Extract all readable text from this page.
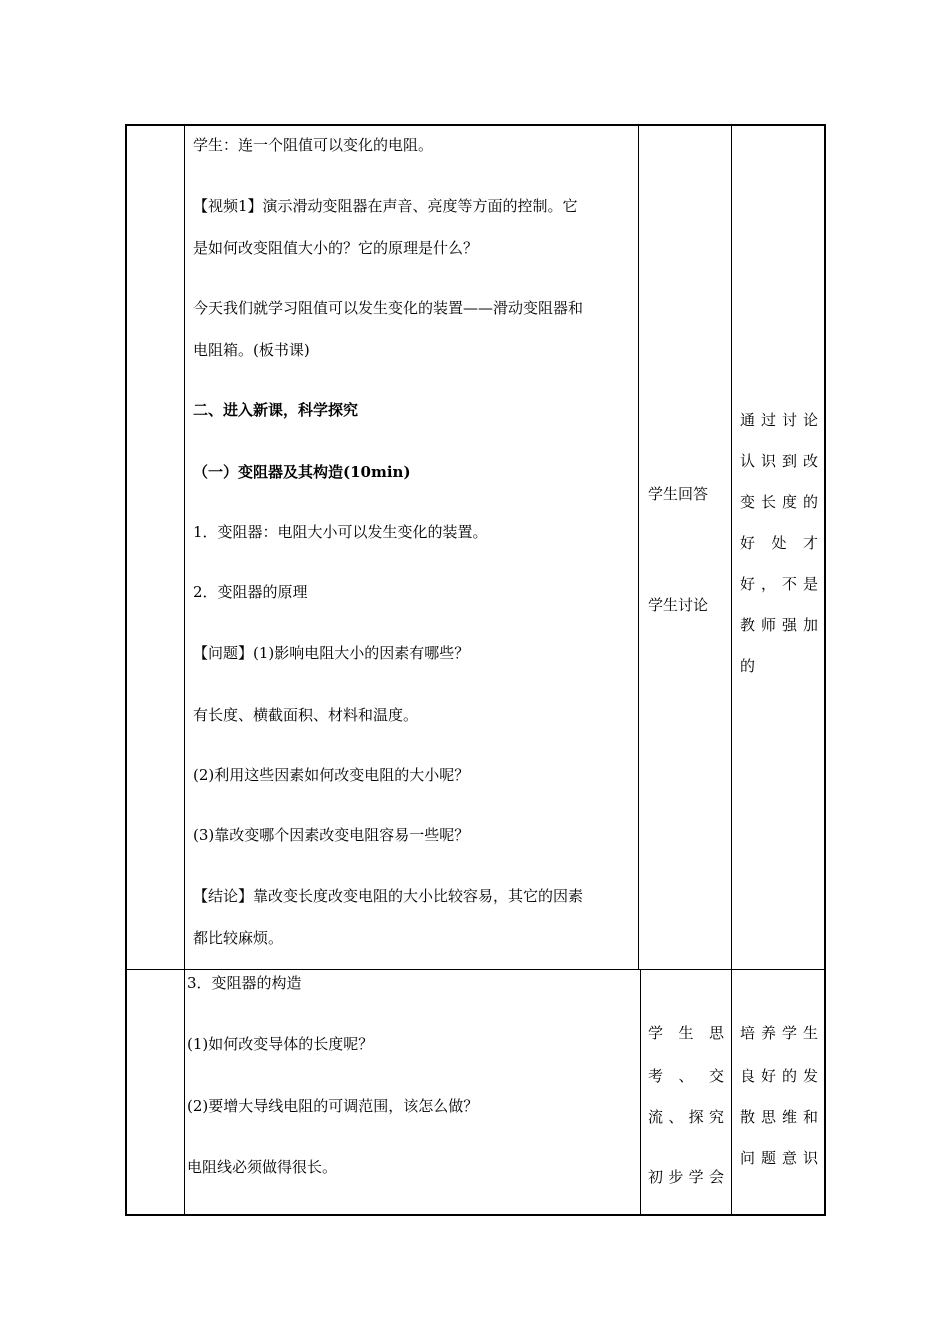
学生：连一个阻值可以变化的电阻。
【视频1】演示滑动变阻器在声音、亮度等方面的控制。它
是如何改变阻值大小的？它的原理是什么？
今天我们就学习阻值可以发生变化的装置——滑动变阻器和
电阻箱。(板书课)
二、进入新课，科学探究
（一）变阻器及其构造(10min)
1．变阻器：电阻大小可以发生变化的装置。
2．变阻器的原理
【问题】(1)影响电阻大小的因素有哪些？
有长度、横截面积、材料和温度。
(2)利用这些因素如何改变电阻的大小呢？
(3)靠改变哪个因素改变电阻容易一些呢？
【结论】靠改变长度改变电阻的大小比较容易，其它的因素
都比较麻烦。
学生回答
学生讨论
通过讨论
认识到改
变长度的
好处才
好，不是
教师强加
的
3．变阻器的构造
(1)如何改变导体的长度呢？
(2)要增大导线电阻的可调范围，该怎么做？
电阻线必须做得很长。
学生思
考、交
流、探究
初步学会
培养学生
良好的发
散思维和
问题意识
